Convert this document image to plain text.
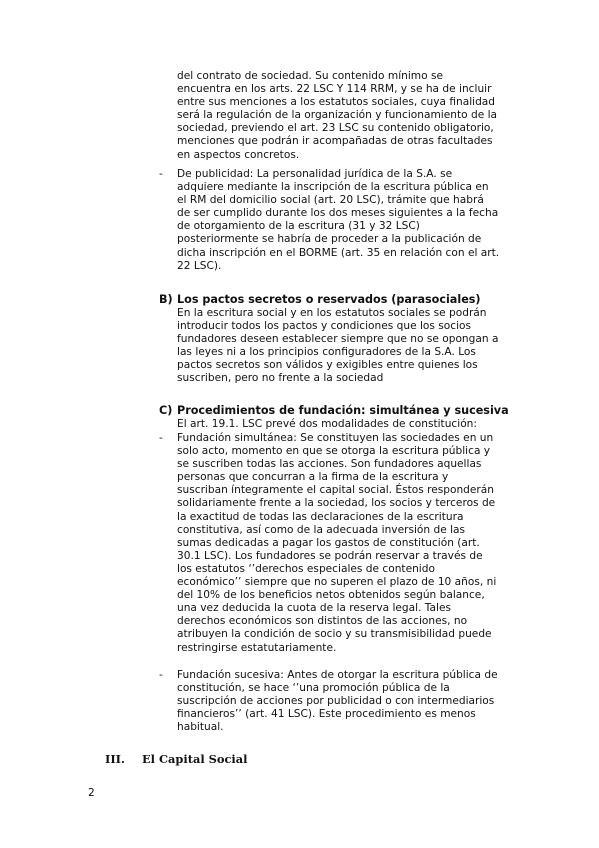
del contrato de sociedad. Su contenido mínimo se
encuentra en los arts. 22 LSC Y 114 RRM, y se ha de incluir
entre sus menciones a los estatutos sociales, cuya finalidad
será la regulación de la organización y funcionamiento de la
sociedad, previendo el art. 23 LSC su contenido obligatorio,
menciones que podrán ir acompañadas de otras facultades
en aspectos concretos.
- De publicidad: La personalidad jurídica de la S.A. se
adquiere mediante la inscripción de la escritura pública en
el RM del domicilio social (art. 20 LSC), trámite que habrá
de ser cumplido durante los dos meses siguientes a la fecha
de otorgamiento de la escritura (31 y 32 LSC)
posteriormente se habría de proceder a la publicación de
dicha inscripción en el BORME (art. 35 en relación con el art.
22 LSC).
B) Los pactos secretos o reservados (parasociales)
En la escritura social y en los estatutos sociales se podrán
introducir todos los pactos y condiciones que los socios
fundadores deseen establecer siempre que no se opongan a
las leyes ni a los principios configuradores de la S.A. Los
pactos secretos son válidos y exigibles entre quienes los
suscriben, pero no frente a la sociedad
C) Procedimientos de fundación: simultánea y sucesiva
El art. 19.1. LSC prevé dos modalidades de constitución:
- Fundación simultánea: Se constituyen las sociedades en un
solo acto, momento en que se otorga la escritura pública y
se suscriben todas las acciones. Son fundadores aquellas
personas que concurran a la firma de la escritura y
suscriban íntegramente el capital social. Éstos responderán
solidariamente frente a la sociedad, los socios y terceros de
la exactitud de todas las declaraciones de la escritura
constitutiva, así como de la adecuada inversión de las
sumas dedicadas a pagar los gastos de constitución (art.
30.1 LSC). Los fundadores se podrán reservar a través de
los estatutos ‘’derechos especiales de contenido
económico’’ siempre que no superen el plazo de 10 años, ni
del 10% de los beneficios netos obtenidos según balance,
una vez deducida la cuota de la reserva legal. Tales
derechos económicos son distintos de las acciones, no
atribuyen la condición de socio y su transmisibilidad puede
restringirse estatutariamente.
- Fundación sucesiva: Antes de otorgar la escritura pública de
constitución, se hace ‘’una promoción pública de la
suscripción de acciones por publicidad o con intermediarios
financieros’’ (art. 41 LSC). Este procedimiento es menos
habitual.
III. El Capital Social
2
